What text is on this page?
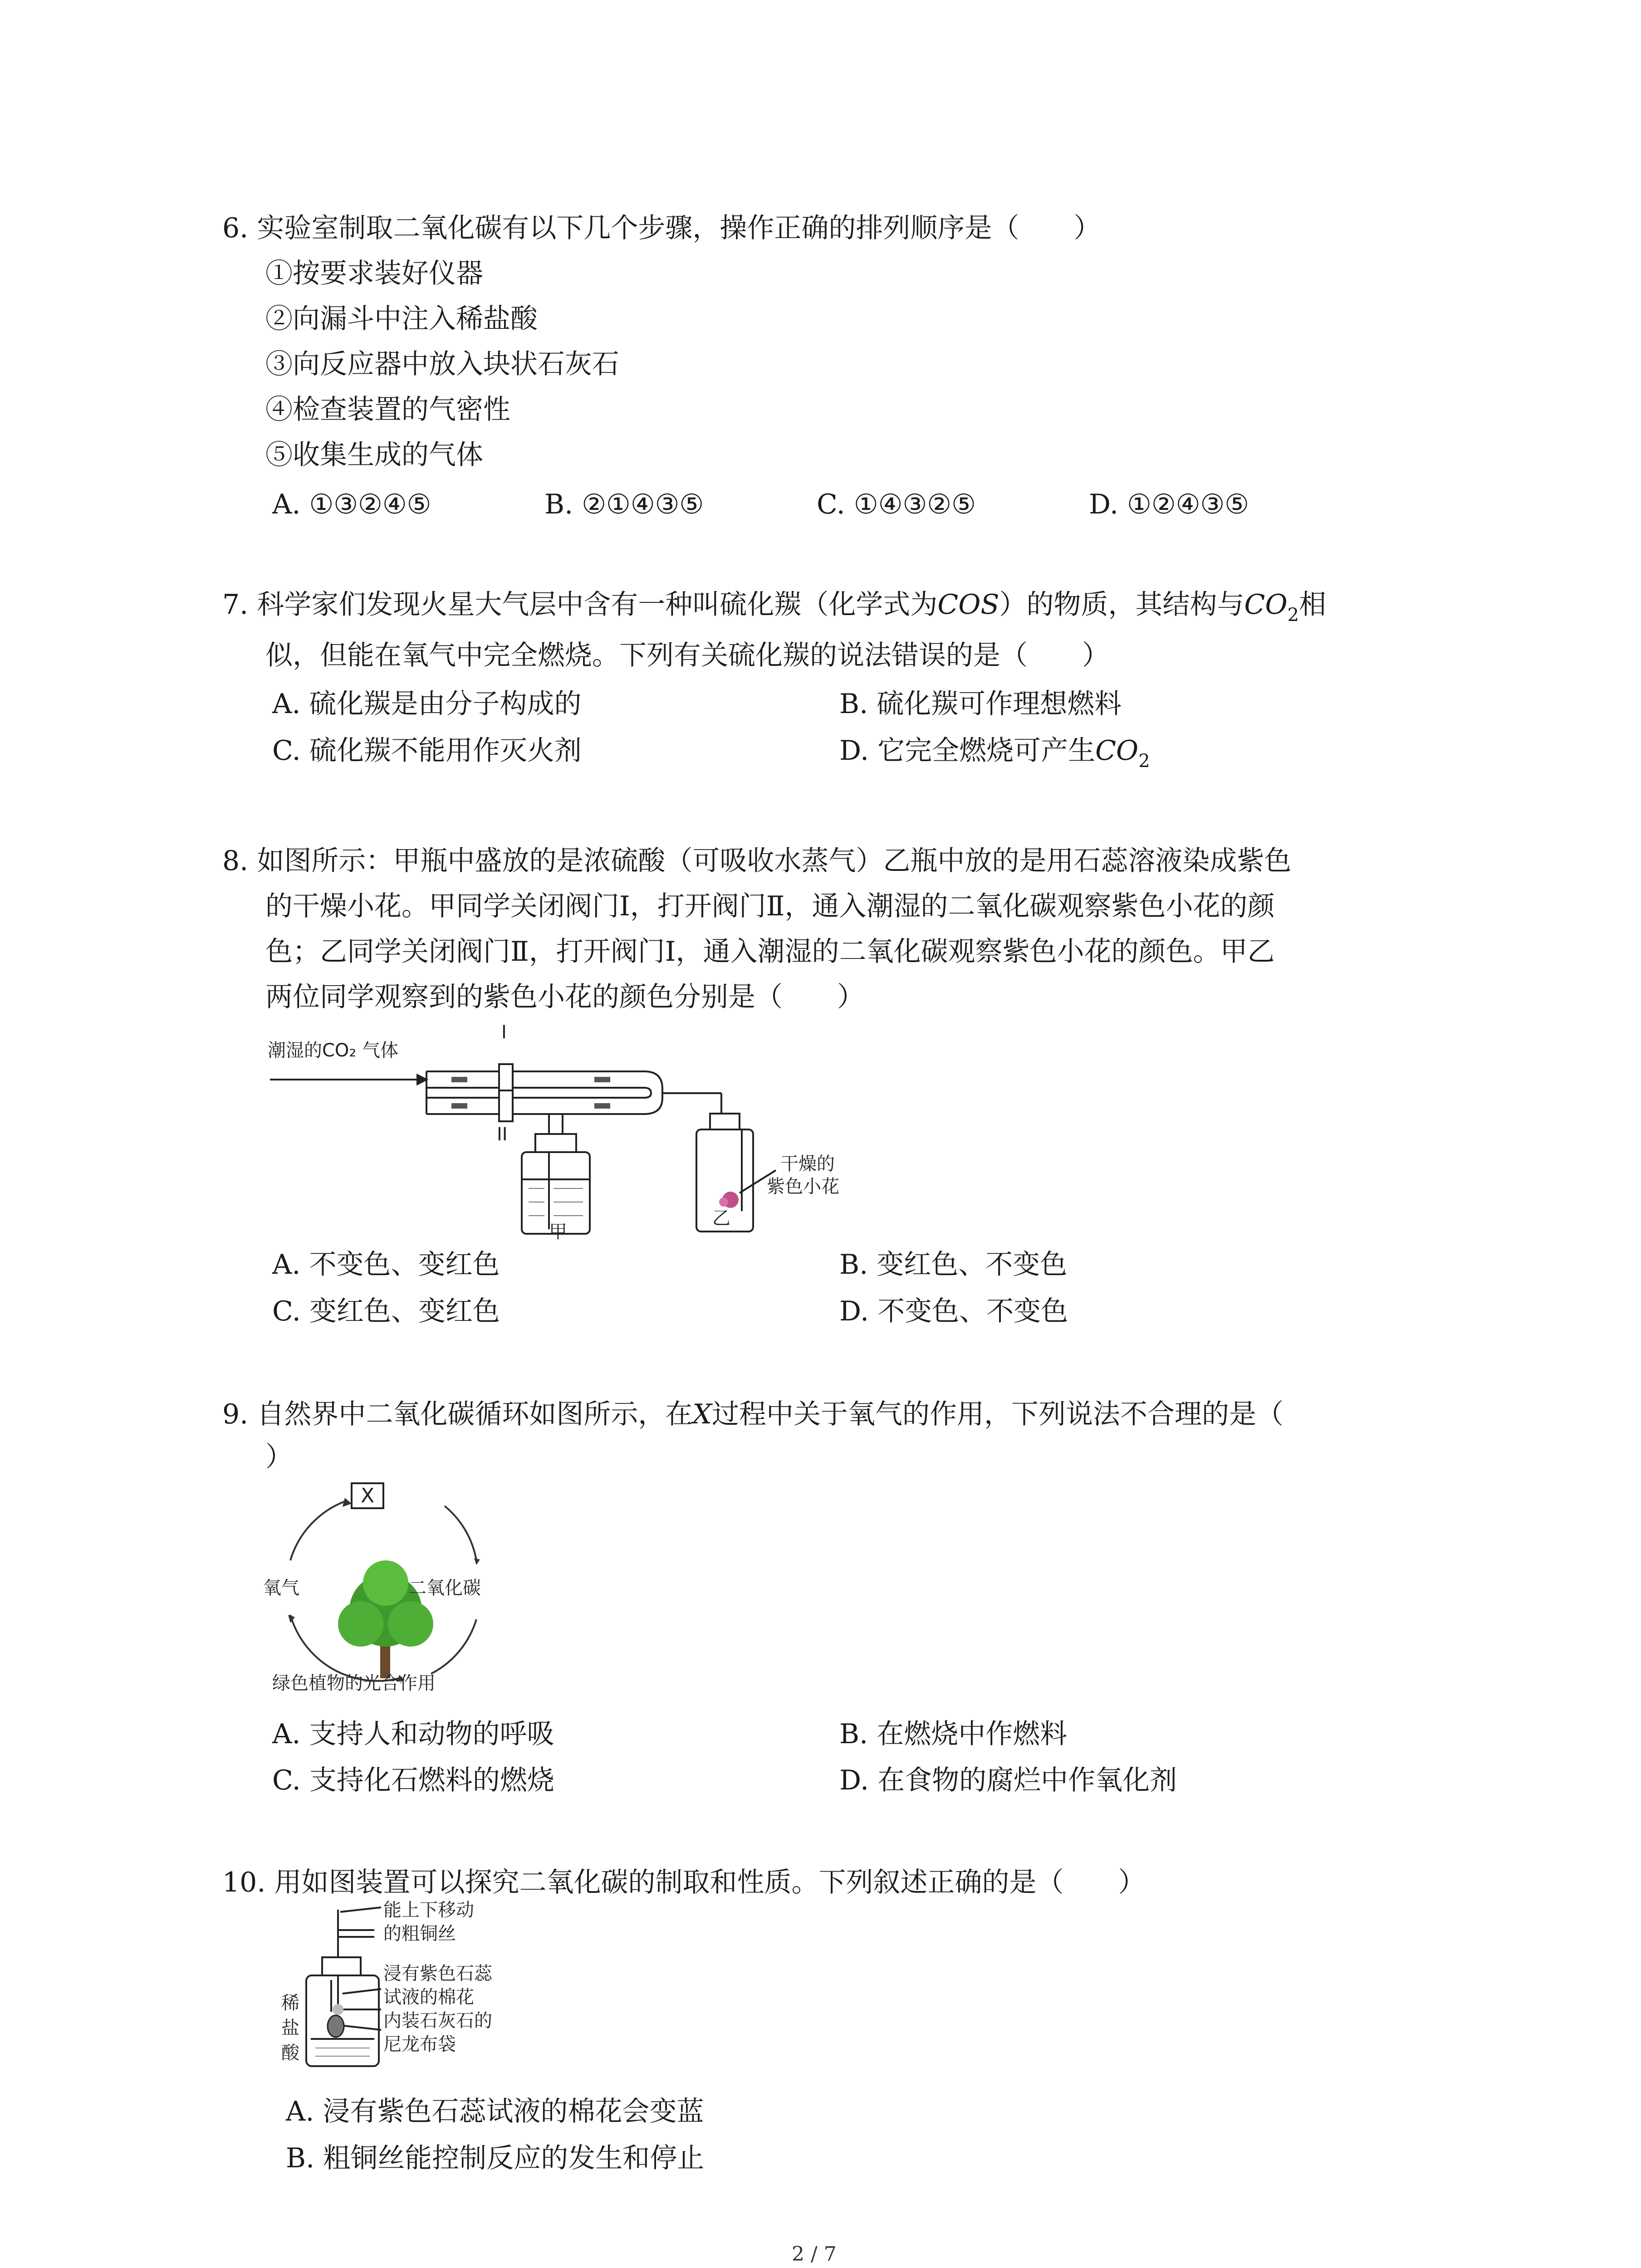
6. 实验室制取二氧化碳有以下几个步骤，操作正确的排列顺序是（　　）
①按要求装好仪器
②向漏斗中注入稀盐酸
③向反应器中放入块状石灰石
④检查装置的气密性
⑤收集生成的气体
A. ①③②④⑤	B. ②①④③⑤	C. ①④③②⑤	D. ①②④③⑤
7. 科学家们发现火星大气层中含有一种叫硫化羰（化学式为COS）的物质，其结构与$CO_2$相
似，但能在氧气中完全燃烧。下列有关硫化羰的说法错误的是（　　）
A. 硫化羰是由分子构成的	B. 硫化羰可作理想燃料
C. 硫化羰不能用作灭火剂	D. 它完全燃烧可产生$CO_2$
8. 如图所示：甲瓶中盛放的是浓硫酸（可吸收水蒸气）乙瓶中放的是用石蕊溶液染成紫色
的干燥小花。甲同学关闭阀门Ⅰ，打开阀门Ⅱ，通入潮湿的二氧化碳观察紫色小花的颜
色；乙同学关闭阀门Ⅱ，打开阀门Ⅰ，通入潮湿的二氧化碳观察紫色小花的颜色。甲乙
两位同学观察到的紫色小花的颜色分别是（　　）
潮湿的CO₂ 气体
I
II
干燥的
紫色小花
甲
乙
A. 不变色、变红色	B. 变红色、不变色
C. 变红色、变红色	D. 不变色、不变色
9. 自然界中二氧化碳循环如图所示，在X过程中关于氧气的作用，下列说法不合理的是（
）
X
氧气	二氧化碳
绿色植物的光合作用
A. 支持人和动物的呼吸	B. 在燃烧中作燃料
C. 支持化石燃料的燃烧	D. 在食物的腐烂中作氧化剂
10. 用如图装置可以探究二氧化碳的制取和性质。下列叙述正确的是（　　）
能上下移动
的粗铜丝
浸有紫色石蕊
试液的棉花
内装石灰石的
尼龙布袋
稀
盐
酸
A. 浸有紫色石蕊试液的棉花会变蓝
B. 粗铜丝能控制反应的发生和停止
2 / 7
